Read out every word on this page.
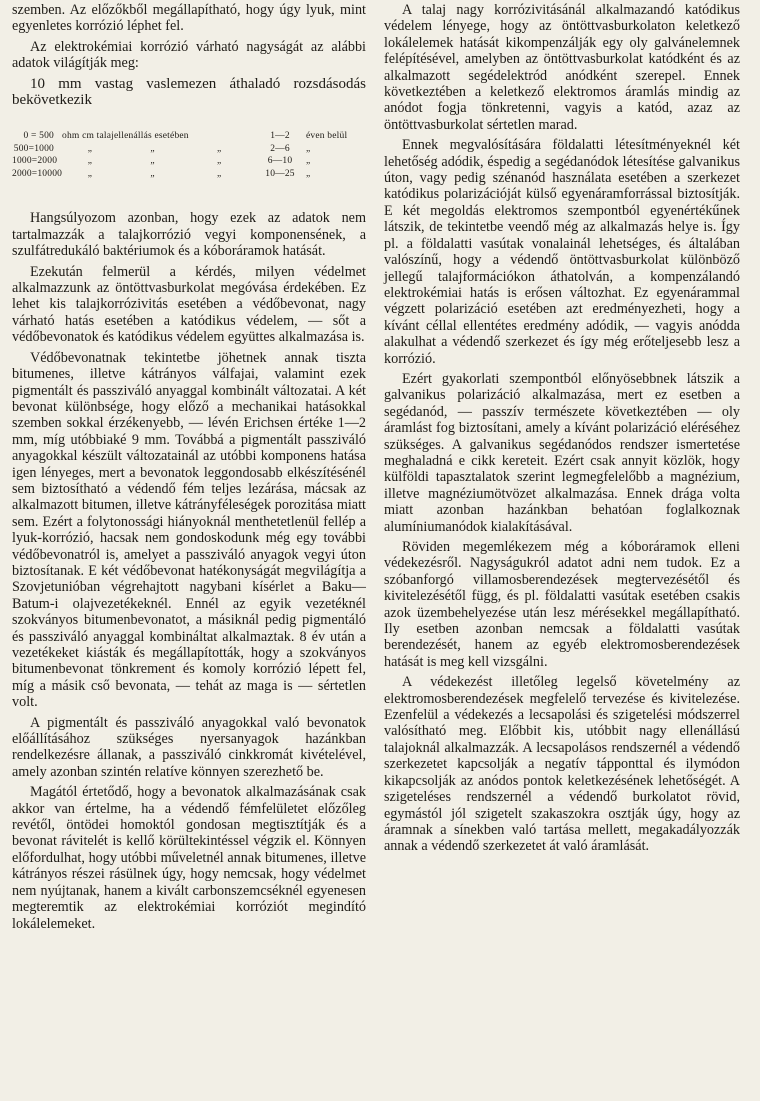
szemben. Az előzőkből megállapítható, hogy úgy lyuk, mint egyenletes korrózió léphet fel.

Az elektrokémiai korrózió várható nagyságát az alábbi adatok világítják meg:

10 mm vastag vaslemezen áthaladó rozsdásodás bekövetkezik

0 = 500 ohm cm talajellenállás esetében	1—2	éven belül
500=1000	„	„	„	2—6	„
1000=2000	„	„	„	6—10	„
2000=10000	„	„	„	10—25	„

Hangsúlyozom azonban, hogy ezek az adatok nem tartalmazzák a talajkorrózió vegyi komponensének, a szulfátredukáló baktériumok és a kóboráramok hatását.

Ezekután felmerül a kérdés, milyen védelmet alkalmazzunk az öntöttvasburkolat megóvása érdekében. Ez lehet kis talajkorrózivitás esetében a védőbevonat, nagy várható hatás esetében a katódikus védelem, — sőt a védőbevonatok és katódikus védelem együttes alkalmazása is.

Védőbevonatnak tekintetbe jöhetnek annak tiszta bitumenes, illetve kátrányos válfajai, valamint ezek pigmentált és passziváló anyaggal kombinált változatai. A két bevonat különbsége, hogy előző a mechanikai hatásokkal szemben sokkal érzékenyebb, — lévén Erichsen értéke 1—2 mm, míg utóbbiaké 9 mm. Továbbá a pigmentált passziváló anyagokkal készült változatainál az utóbbi komponens hatása igen lényeges, mert a bevonatok leggondosabb elkészítésénél sem biztosítható a védendő fém teljes lezárása, mácsak az alkalmazott bitumen, illetve kátrányféleségek porozitása miatt sem. Ezért a folytonossági hiányoknál menthetetlenül fellép a lyuk-korrózió, hacsak nem gondoskodunk még egy további védőbevonatról is, amelyet a passziváló anyagok vegyi úton biztosítanak. E két védőbevonat hatékonyságát megvilágítja a Szovjetunióban végrehajtott nagybani kísérlet a Baku—Batum-i olajvezetékeknél. Ennél az egyik vezetéknél szokványos bitumenbevonatot, a másiknál pedig pigmentáló és passziváló anyaggal kombináltat alkalmaztak. 8 év után a vezetékeket kiásták és megállapították, hogy a szokványos bitumenbevonat tönkrement és komoly korrózió lépett fel, míg a másik cső bevonata, — tehát az maga is — sértetlen volt.

A pigmentált és passziváló anyagokkal való bevonatok előállításához szükséges nyersanyagok hazánkban rendelkezésre állanak, a passziváló cinkkromát kivételével, amely azonban szintén relatíve könnyen szerezhető be.

Magától értetődő, hogy a bevonatok alkalmazásának csak akkor van értelme, ha a védendő fémfelületet előzőleg revétől, öntödei homoktól gondosan megtisztítják és a bevonat rávitelét is kellő körültekintéssel végzik el. Könnyen előfordulhat, hogy utóbbi műveletnél annak bitumenes, illetve kátrányos részei rásülnek úgy, hogy nemcsak, hogy védelmet nem nyújtanak, hanem a kivált carbonszemcséknél egyenesen megteremtik az elektrokémiai korróziót megindító lokálelemeket.

A talaj nagy korrózivitásánál alkalmazandó katódikus védelem lényege, hogy az öntöttvasburkolaton keletkező lokálelemek hatását kikompenzálják egy oly galvánelemnek felépítésével, amelyben az öntöttvasburkolat katódként és az alkalmazott segédelektród anódként szerepel. Ennek következtében a keletkező elektromos áramlás mindig az anódot fogja tönkretenni, vagyis a katód, azaz az öntöttvasburkolat sértetlen marad.

Ennek megvalósítására földalatti létesítményeknél két lehetőség adódik, éspedig a segédanódok létesítése galvanikus úton, vagy pedig szénanód használata esetében a szerkezet katódikus polarizációját külső egyenáramforrással biztosítják. E két megoldás elektromos szempontból egyenértékűnek látszik, de tekintetbe veendő még az alkalmazás helye is. Így pl. a földalatti vasútak vonalainál lehetséges, és általában valószínű, hogy a védendő öntöttvasburkolat különböző jellegű talajformációkon áthatolván, a kompenzálandó elektrokémiai hatás is erősen változhat. Ez egyenárammal végzett polarizáció esetében azt eredményezheti, hogy a kívánt céllal ellentétes eredmény adódik, — vagyis anódda alakulhat a védendő szerkezet és így még erőteljesebb lesz a korrózió.

Ezért gyakorlati szempontból előnyösebbnek látszik a galvanikus polarizáció alkalmazása, mert ez esetben a segédanód, — passzív természete következtében — oly áramlást fog biztosítani, amely a kívánt polarizáció eléréséhez szükséges. A galvanikus segédanódos rendszer ismertetése meghaladná e cikk kereteit. Ezért csak annyit közlök, hogy külföldi tapasztalatok szerint legmegfelelőbb a magnézium, illetve magnéziumötvözet alkalmazása. Ennek drága volta miatt azonban hazánkban behatóan foglalkoznak alumíniumanódok kialakításával.

Röviden megemlékezem még a kóboráramok elleni védekezésről. Nagyságukról adatot adni nem tudok. Ez a szóbanforgó villamosberendezések megtervezésétől és kivitelezésétől függ, és pl. földalatti vasútak esetében csakis azok üzembehelyezése után lesz mérésekkel megállapítható. Ily esetben azonban nemcsak a földalatti vasútak berendezését, hanem az egyéb elektromosberendezések hatását is meg kell vizsgálni.

A védekezést illetőleg legelső követelmény az elektromosberendezések megfelelő tervezése és kivitelezése. Ezenfelül a védekezés a lecsapolási és szigetelési módszerrel valósítható meg. Előbbit kis, utóbbit nagy ellenállású talajoknál alkalmazzák. A lecsapolásos rendszernél a védendő szerkezetet kapcsolják a negatív tápponttal és ilymódon kikapcsolják az anódos pontok keletkezésének lehetőségét. A szigeteléses rendszernél a védendő burkolatot rövid, egymástól jól szigetelt szakaszokra osztják úgy, hogy az áramnak a sínekben való tartása mellett, megakadályozzák annak a védendő szerkezetet át való áramlását.
